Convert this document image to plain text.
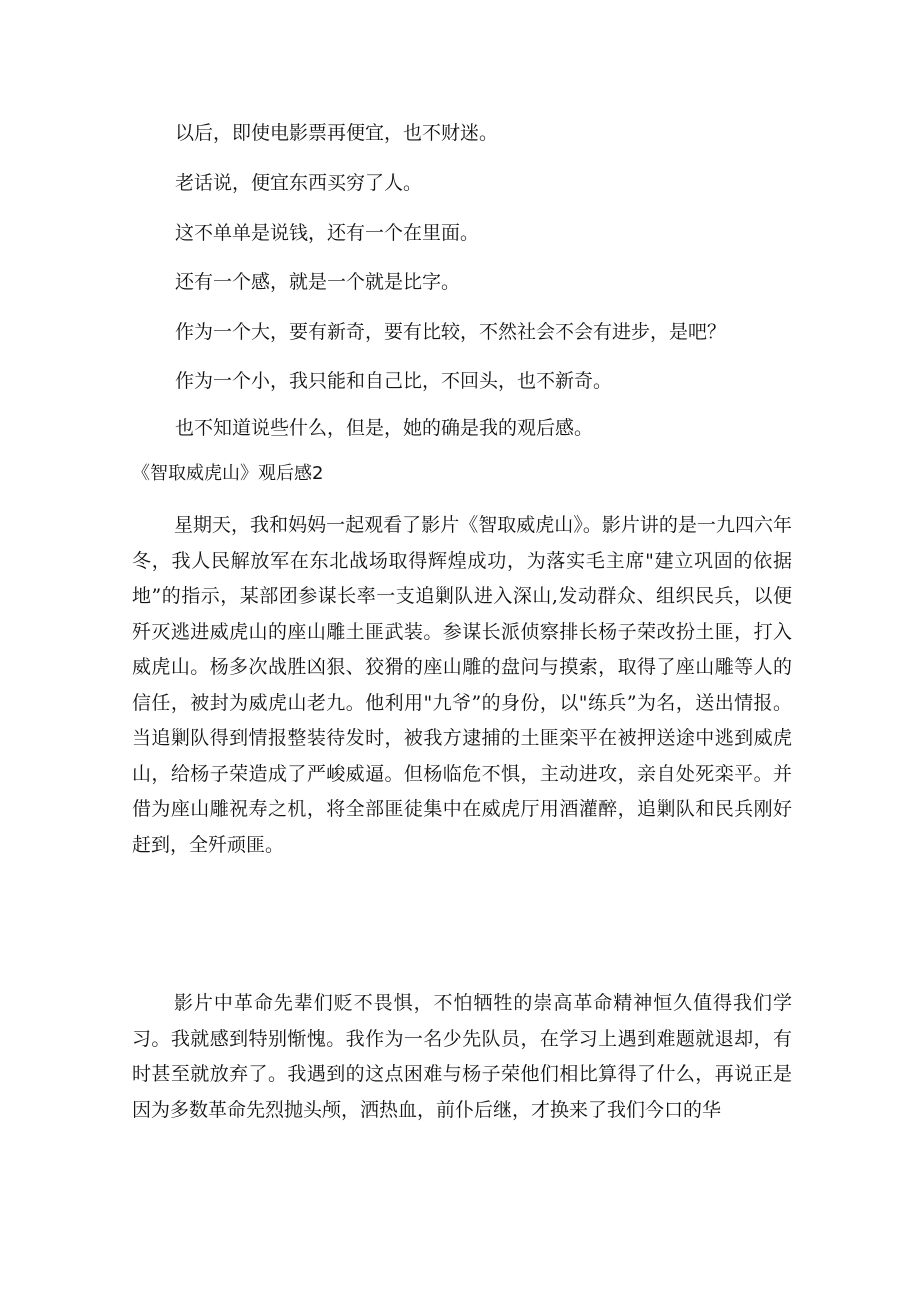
以后，即使电影票再便宜，也不财迷。
老话说，便宜东西买穷了人。
这不单单是说钱，还有一个在里面。
还有一个感，就是一个就是比字。
作为一个大，要有新奇，要有比较，不然社会不会有进步，是吧？
作为一个小，我只能和自己比，不回头，也不新奇。
也不知道说些什么，但是，她的确是我的观后感。
《智取威虎山》观后感2

星期天，我和妈妈一起观看了影片《智取威虎山》。影片讲的是一九四六年冬，我人民解放军在东北战场取得辉煌成功，为落实毛主席"建立巩固的依据地”的指示，某部团参谋长率一支追剿队进入深山,发动群众、组织民兵，以便歼灭逃进威虎山的座山雕土匪武装。参谋长派侦察排长杨子荣改扮土匪，打入威虎山。杨多次战胜凶狠、狡猾的座山雕的盘问与摸索，取得了座山雕等人的信任，被封为威虎山老九。他利用"九爷”的身份，以"练兵”为名，送出情报。当追剿队得到情报整装待发时，被我方逮捕的土匪栾平在被押送途中逃到威虎山，给杨子荣造成了严峻威逼。但杨临危不惧，主动进攻，亲自处死栾平。并借为座山雕祝寿之机，将全部匪徒集中在威虎厅用酒灌醉，追剿队和民兵刚好赶到，全歼顽匪。

影片中革命先辈们贬不畏惧，不怕牺牲的崇高革命精神恒久值得我们学习。我就感到特别惭愧。我作为一名少先队员，在学习上遇到难题就退却，有时甚至就放弃了。我遇到的这点困难与杨子荣他们相比算得了什么，再说正是因为多数革命先烈抛头颅，洒热血，前仆后继，才换来了我们今口的华
